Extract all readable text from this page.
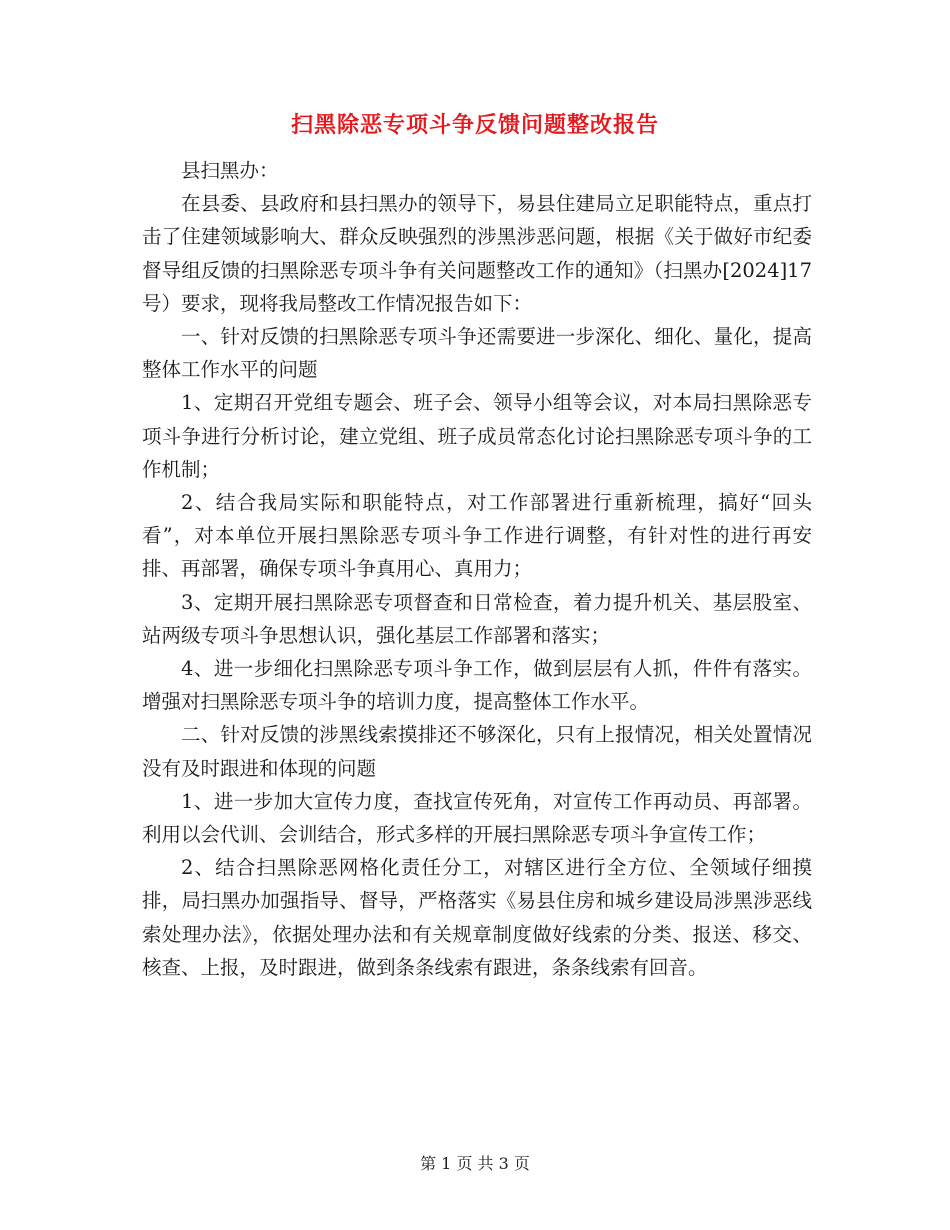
扫黑除恶专项斗争反馈问题整改报告

县扫黑办：

在县委、县政府和县扫黑办的领导下，易县住建局立足职能特点，重点打击了住建领域影响大、群众反映强烈的涉黑涉恶问题，根据《关于做好市纪委督导组反馈的扫黑除恶专项斗争有关问题整改工作的通知》（扫黑办[2024]17号）要求，现将我局整改工作情况报告如下：

一、针对反馈的扫黑除恶专项斗争还需要进一步深化、细化、量化，提高整体工作水平的问题

1、定期召开党组专题会、班子会、领导小组等会议，对本局扫黑除恶专项斗争进行分析讨论，建立党组、班子成员常态化讨论扫黑除恶专项斗争的工作机制；

2、结合我局实际和职能特点，对工作部署进行重新梳理，搞好“回头看”，对本单位开展扫黑除恶专项斗争工作进行调整，有针对性的进行再安排、再部署，确保专项斗争真用心、真用力；

3、定期开展扫黑除恶专项督查和日常检查，着力提升机关、基层股室、站两级专项斗争思想认识，强化基层工作部署和落实；

4、进一步细化扫黑除恶专项斗争工作，做到层层有人抓，件件有落实。增强对扫黑除恶专项斗争的培训力度，提高整体工作水平。

二、针对反馈的涉黑线索摸排还不够深化，只有上报情况，相关处置情况没有及时跟进和体现的问题

1、进一步加大宣传力度，查找宣传死角，对宣传工作再动员、再部署。利用以会代训、会训结合，形式多样的开展扫黑除恶专项斗争宣传工作；

2、结合扫黑除恶网格化责任分工，对辖区进行全方位、全领域仔细摸排，局扫黑办加强指导、督导，严格落实《易县住房和城乡建设局涉黑涉恶线索处理办法》，依据处理办法和有关规章制度做好线索的分类、报送、移交、核查、上报，及时跟进，做到条条线索有跟进，条条线索有回音。

第 1 页 共 3 页
